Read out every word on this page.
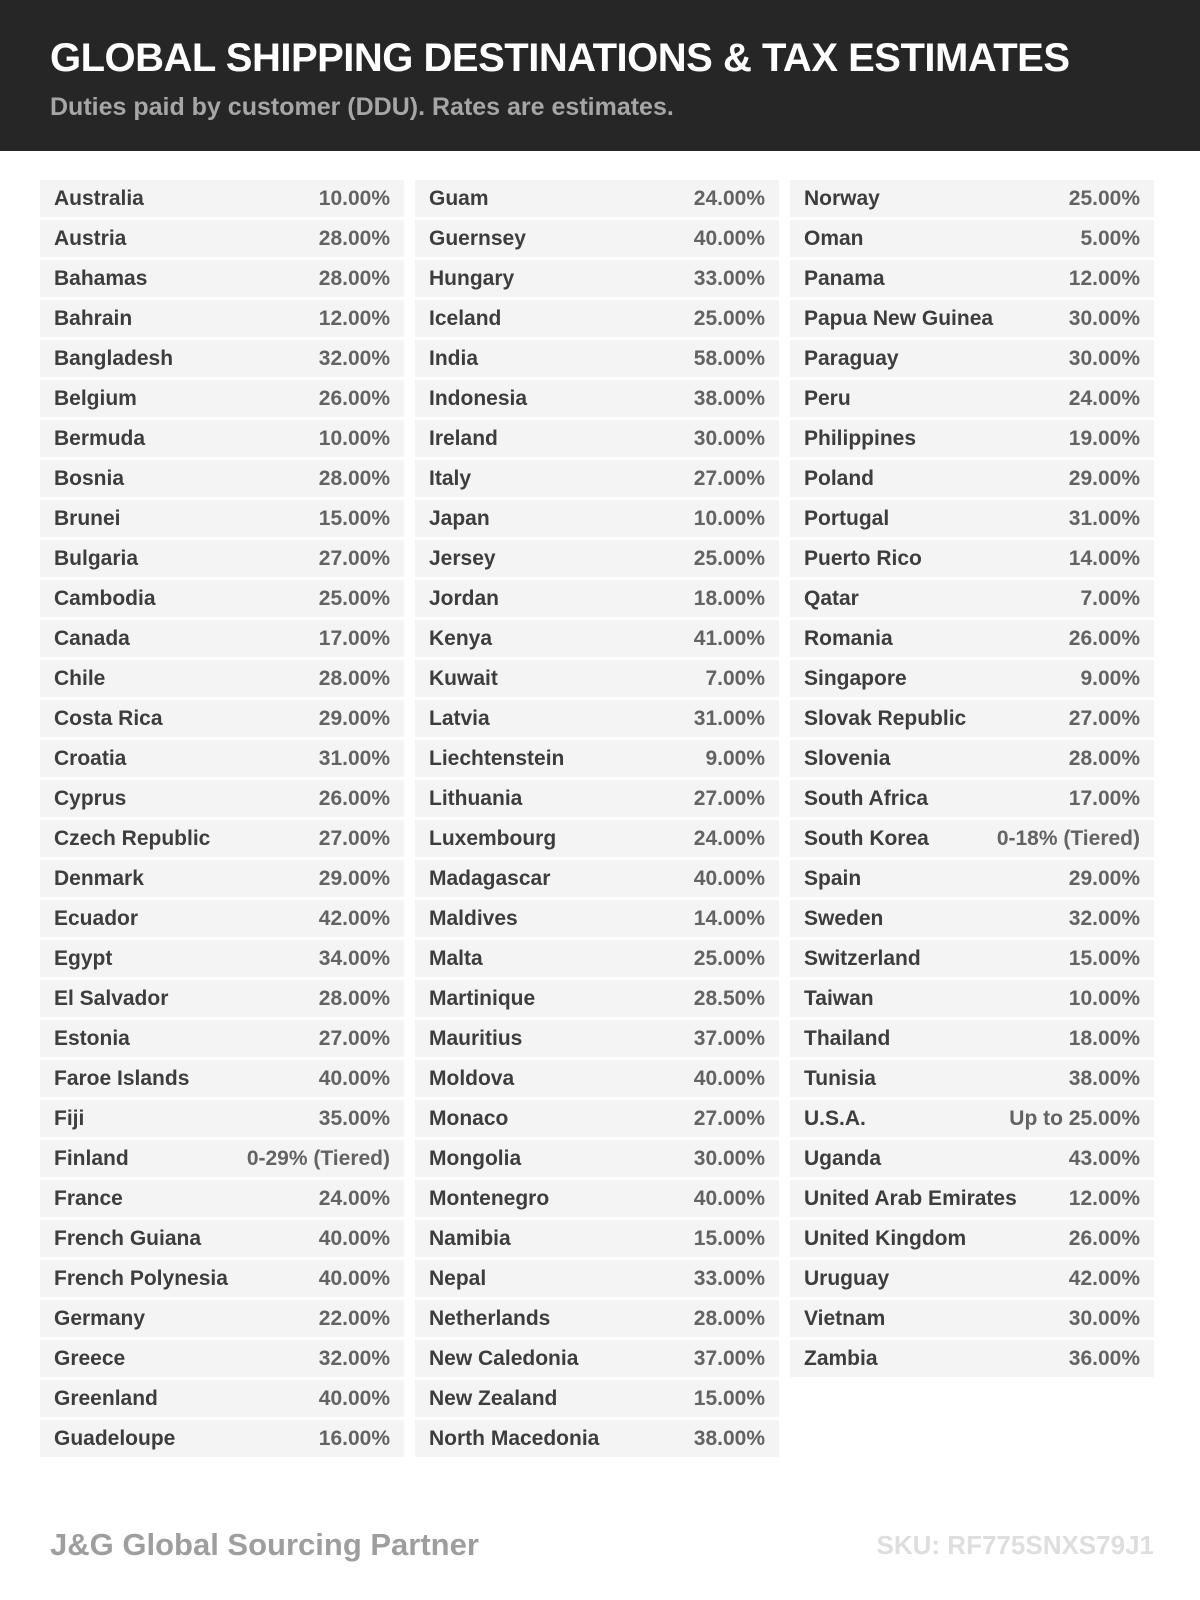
GLOBAL SHIPPING DESTINATIONS & TAX ESTIMATES
Duties paid by customer (DDU). Rates are estimates.
Australia	10.00%
Austria	28.00%
Bahamas	28.00%
Bahrain	12.00%
Bangladesh	32.00%
Belgium	26.00%
Bermuda	10.00%
Bosnia	28.00%
Brunei	15.00%
Bulgaria	27.00%
Cambodia	25.00%
Canada	17.00%
Chile	28.00%
Costa Rica	29.00%
Croatia	31.00%
Cyprus	26.00%
Czech Republic	27.00%
Denmark	29.00%
Ecuador	42.00%
Egypt	34.00%
El Salvador	28.00%
Estonia	27.00%
Faroe Islands	40.00%
Fiji	35.00%
Finland	0-29% (Tiered)
France	24.00%
French Guiana	40.00%
French Polynesia	40.00%
Germany	22.00%
Greece	32.00%
Greenland	40.00%
Guadeloupe	16.00%
Guam	24.00%
Guernsey	40.00%
Hungary	33.00%
Iceland	25.00%
India	58.00%
Indonesia	38.00%
Ireland	30.00%
Italy	27.00%
Japan	10.00%
Jersey	25.00%
Jordan	18.00%
Kenya	41.00%
Kuwait	7.00%
Latvia	31.00%
Liechtenstein	9.00%
Lithuania	27.00%
Luxembourg	24.00%
Madagascar	40.00%
Maldives	14.00%
Malta	25.00%
Martinique	28.50%
Mauritius	37.00%
Moldova	40.00%
Monaco	27.00%
Mongolia	30.00%
Montenegro	40.00%
Namibia	15.00%
Nepal	33.00%
Netherlands	28.00%
New Caledonia	37.00%
New Zealand	15.00%
North Macedonia	38.00%
Norway	25.00%
Oman	5.00%
Panama	12.00%
Papua New Guinea	30.00%
Paraguay	30.00%
Peru	24.00%
Philippines	19.00%
Poland	29.00%
Portugal	31.00%
Puerto Rico	14.00%
Qatar	7.00%
Romania	26.00%
Singapore	9.00%
Slovak Republic	27.00%
Slovenia	28.00%
South Africa	17.00%
South Korea	0-18% (Tiered)
Spain	29.00%
Sweden	32.00%
Switzerland	15.00%
Taiwan	10.00%
Thailand	18.00%
Tunisia	38.00%
U.S.A.	Up to 25.00%
Uganda	43.00%
United Arab Emirates 12.00%
United Kingdom	26.00%
Uruguay	42.00%
Vietnam	30.00%
Zambia	36.00%
J&G Global Sourcing Partner	SKU: RF775SNXS79J1
